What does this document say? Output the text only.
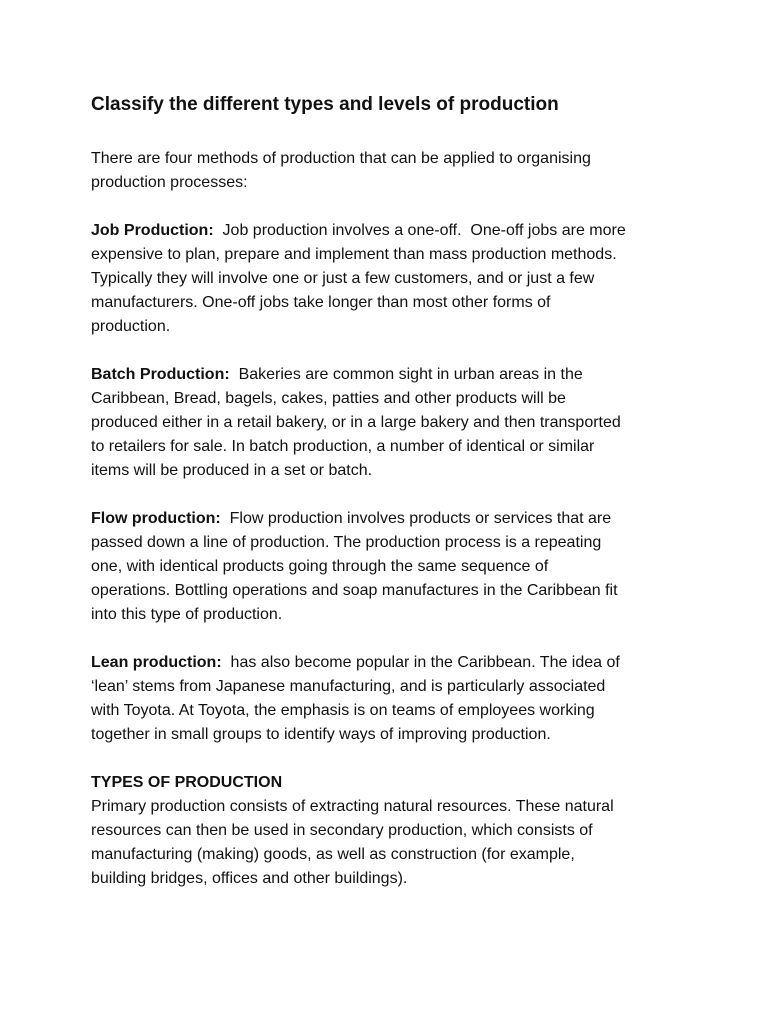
Classify the different types and levels of production

There are four methods of production that can be applied to organising
production processes:

Job Production:  Job production involves a one-off.  One-off jobs are more
expensive to plan, prepare and implement than mass production methods.
Typically they will involve one or just a few customers, and or just a few
manufacturers. One-off jobs take longer than most other forms of
production.

Batch Production:  Bakeries are common sight in urban areas in the
Caribbean, Bread, bagels, cakes, patties and other products will be
produced either in a retail bakery, or in a large bakery and then transported
to retailers for sale. In batch production, a number of identical or similar
items will be produced in a set or batch.

Flow production:  Flow production involves products or services that are
passed down a line of production. The production process is a repeating
one, with identical products going through the same sequence of
operations. Bottling operations and soap manufactures in the Caribbean fit
into this type of production.

Lean production:  has also become popular in the Caribbean. The idea of
‘lean’ stems from Japanese manufacturing, and is particularly associated
with Toyota. At Toyota, the emphasis is on teams of employees working
together in small groups to identify ways of improving production.

TYPES OF PRODUCTION

Primary production consists of extracting natural resources. These natural
resources can then be used in secondary production, which consists of
manufacturing (making) goods, as well as construction (for example,
building bridges, offices and other buildings).
